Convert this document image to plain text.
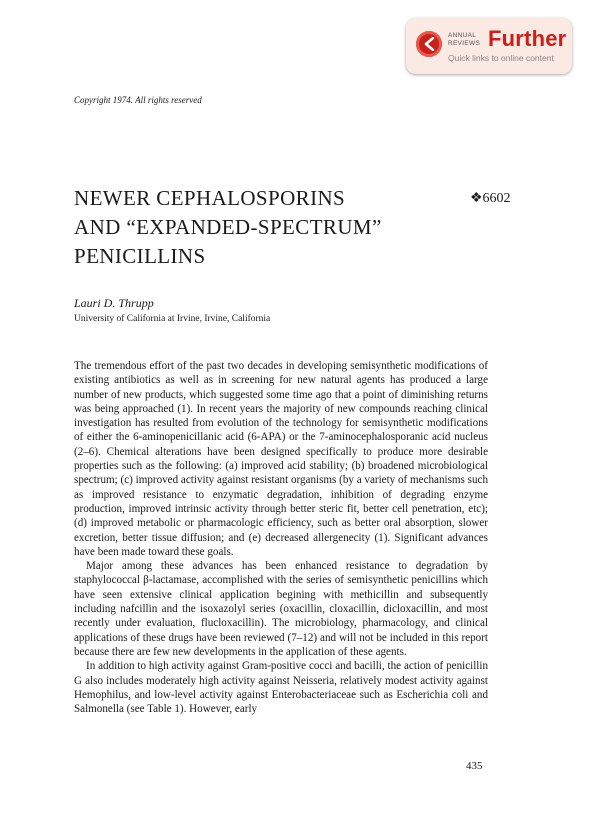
ANNUAL
REVIEWS Further
Quick links to online content
Copyright 1974. All rights reserved
NEWER CEPHALOSPORINS
AND “EXPANDED-SPECTRUM”
PENICILLINS
❖6602
Lauri D. Thrupp
University of California at Irvine, Irvine, California

The tremendous effort of the past two decades in developing semisynthetic modifications of existing antibiotics as well as in screening for new natural agents has produced a large number of new products, which suggested some time ago that a point of diminishing returns was being approached (1). In recent years the majority of new compounds reaching clinical investigation has resulted from evolution of the technology for semisynthetic modifications of either the 6-aminopenicillanic acid (6-APA) or the 7-aminocephalosporanic acid nucleus (2–6). Chemical alterations have been designed specifically to produce more desirable properties such as the following: (a) improved acid stability; (b) broadened microbiological spectrum; (c) improved activity against resistant organisms (by a variety of mechanisms such as improved resistance to enzymatic degradation, inhibition of degrading enzyme production, improved intrinsic activity through better steric fit, better cell penetration, etc); (d) improved metabolic or pharmacologic efficiency, such as better oral absorption, slower excretion, better tissue diffusion; and (e) decreased allergenecity (1). Significant advances have been made toward these goals.

Major among these advances has been enhanced resistance to degradation by staphylococcal β-lactamase, accomplished with the series of semisynthetic penicillins which have seen extensive clinical application begining with methicillin and subsequently including nafcillin and the isoxazolyl series (oxacillin, cloxacillin, dicloxacillin, and most recently under evaluation, flucloxacillin). The microbiology, pharmacology, and clinical applications of these drugs have been reviewed (7–12) and will not be included in this report because there are few new developments in the application of these agents.

In addition to high activity against Gram-positive cocci and bacilli, the action of penicillin G also includes moderately high activity against Neisseria, relatively modest activity against Hemophilus, and low-level activity against Enterobacteriaceae such as Escherichia coli and Salmonella (see Table 1). However, early

435
